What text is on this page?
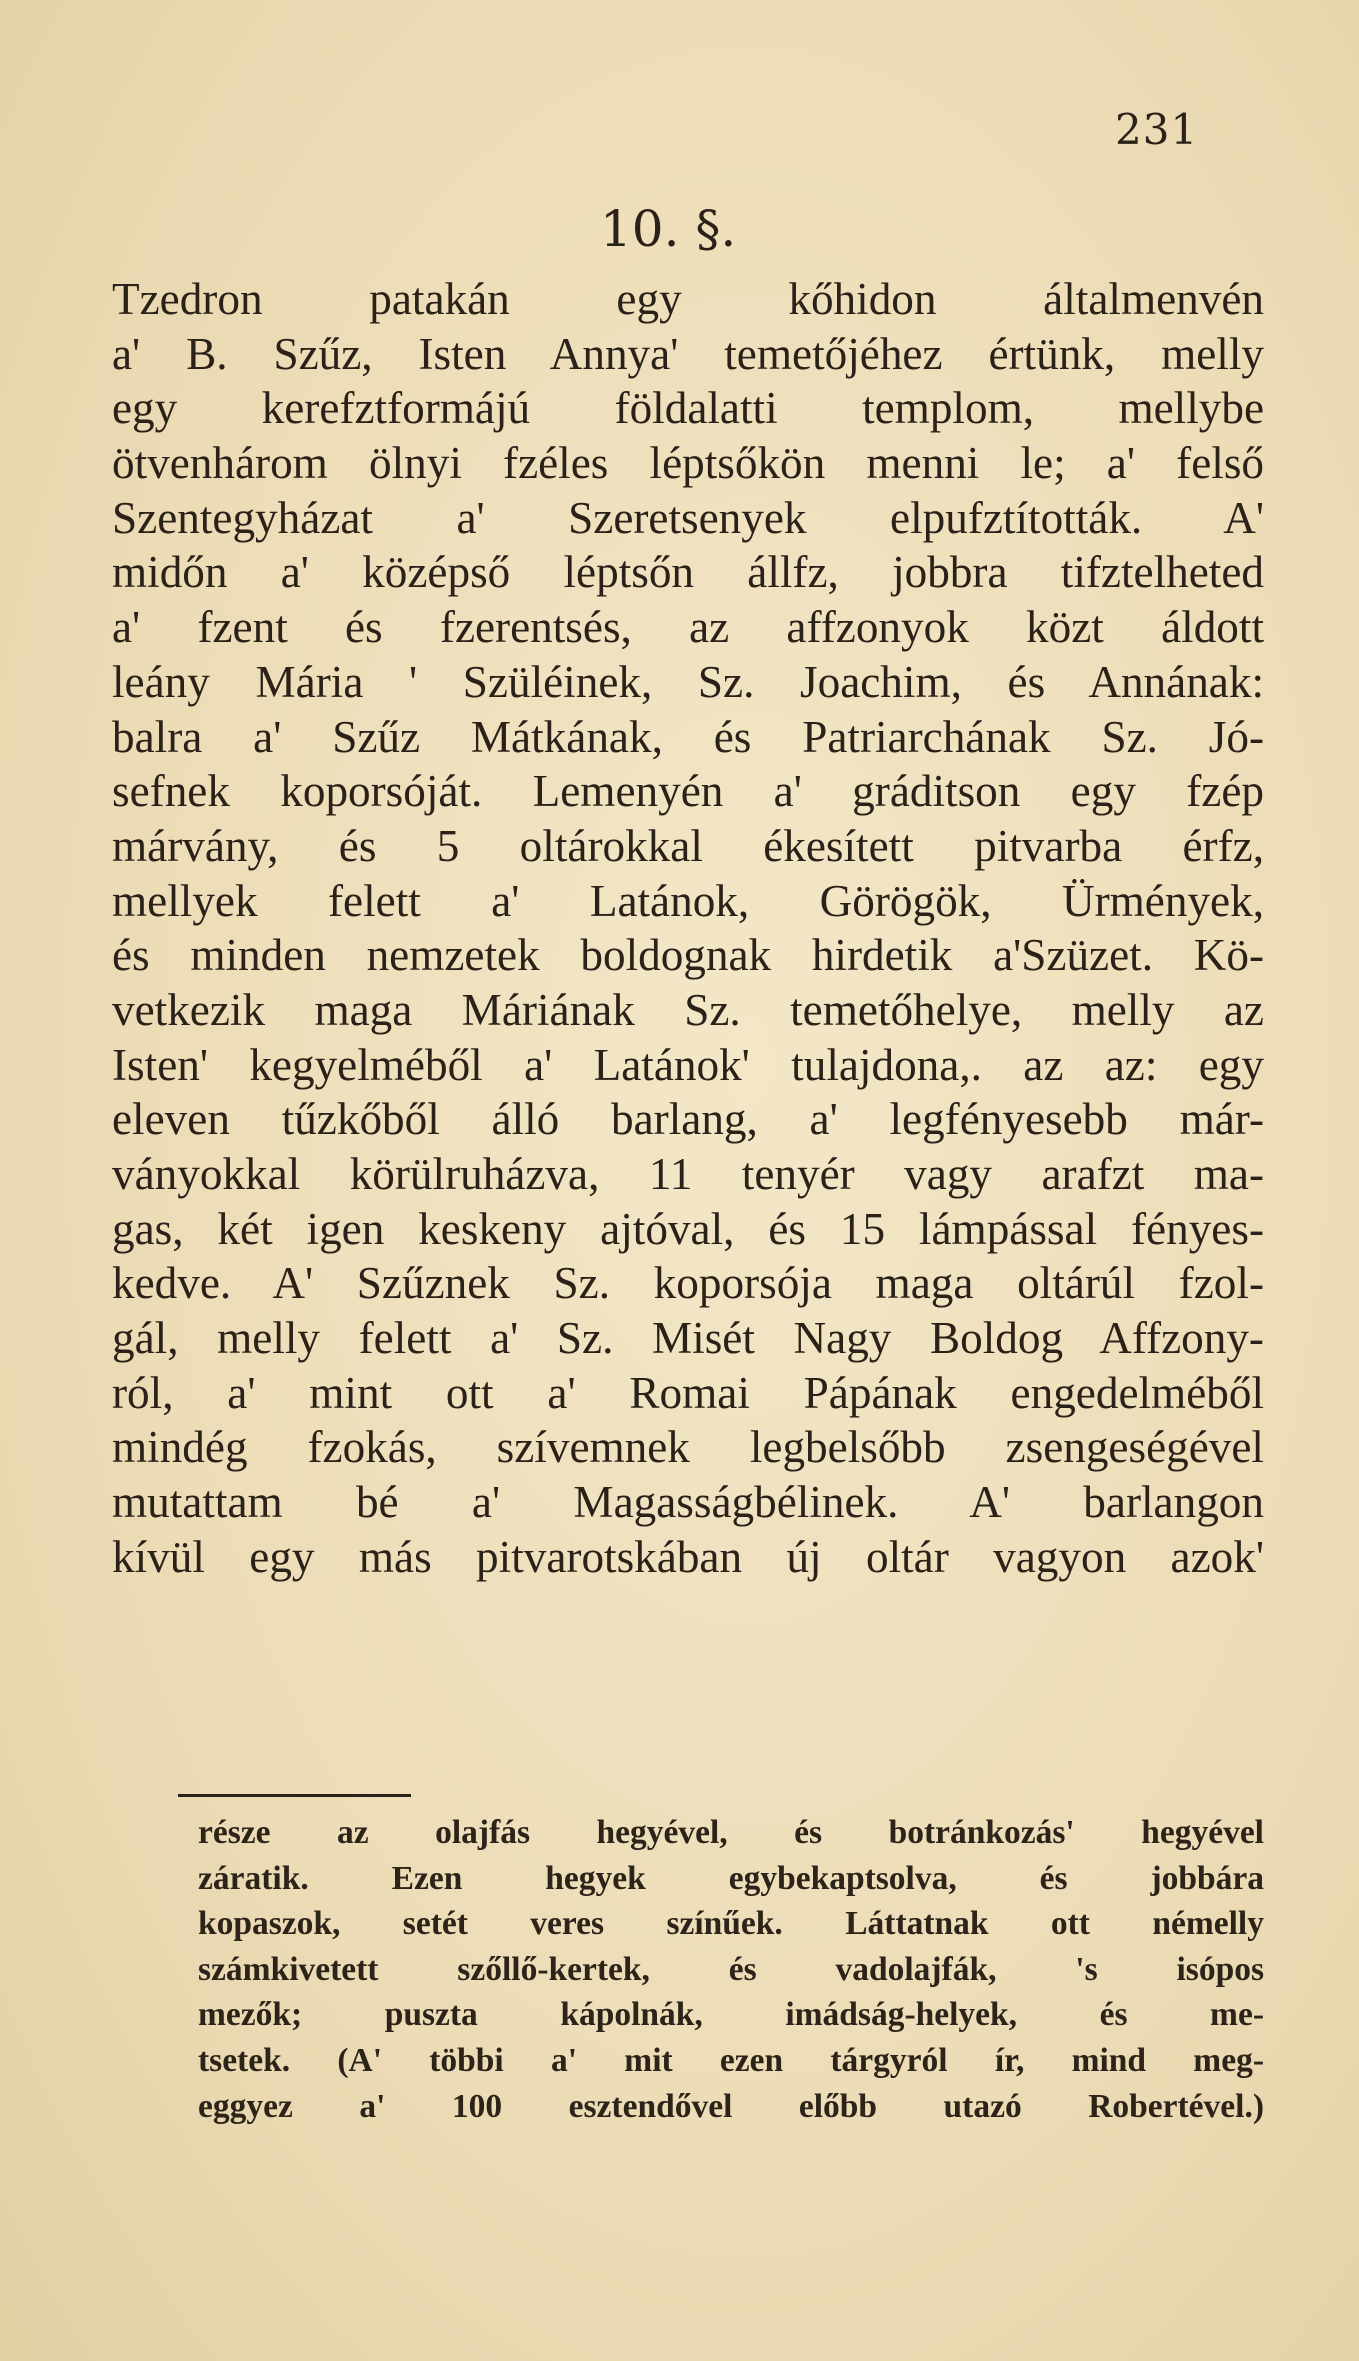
231
10. §.
Tzedron patakán egy kőhidon általmenvén
a' B. Szűz, Isten Annya' temetőjéhez értünk, melly
egy kerefztformájú földalatti templom, mellybe
ötvenhárom ölnyi fzéles léptsőkön menni le; a' felső
Szentegyházat a' Szeretsenyek elpufztították. A'
midőn a' középső léptsőn állfz, jobbra tifztelheted
a' fzent és fzerentsés, az affzonyok közt áldott
leány Mária ' Szüléinek, Sz. Joachim, és Annának:
balra a' Szűz Mátkának, és Patriarchának Sz. Jó-
sefnek koporsóját. Lemenyén a' gráditson egy fzép
márvány, és 5 oltárokkal ékesített pitvarba érfz,
mellyek felett a' Latánok, Görögök, Ürmények,
és minden nemzetek boldognak hirdetik a'Szüzet. Kö-
vetkezik maga Máriának Sz. temetőhelye, melly az
Isten' kegyelméből a' Latánok' tulajdona,. az az: egy
eleven tűzkőből álló barlang, a' legfényesebb már-
ványokkal körülruházva, 11 tenyér vagy arafzt ma-
gas, két igen keskeny ajtóval, és 15 lámpással fényes-
kedve. A' Szűznek Sz. koporsója maga oltárúl fzol-
gál, melly felett a' Sz. Misét Nagy Boldog Affzony-
ról, a' mint ott a' Romai Pápának engedelméből
mindég fzokás, szívemnek legbelsőbb zsengeségével
mutattam bé a' Magasságbélinek. A' barlangon
kívül egy más pitvarotskában új oltár vagyon azok'
része az olajfás hegyével, és botránkozás' hegyével
záratik. Ezen hegyek egybekaptsolva, és jobbára
kopaszok, setét veres színűek. Láttatnak ott némelly
számkivetett szőllő-kertek, és vadolajfák, 's isópos
mezők; puszta kápolnák, imádság-helyek, és me-
tsetek. (A' többi a' mit ezen tárgyról ír, mind meg-
eggyez a' 100 esztendővel előbb utazó Robertével.)
